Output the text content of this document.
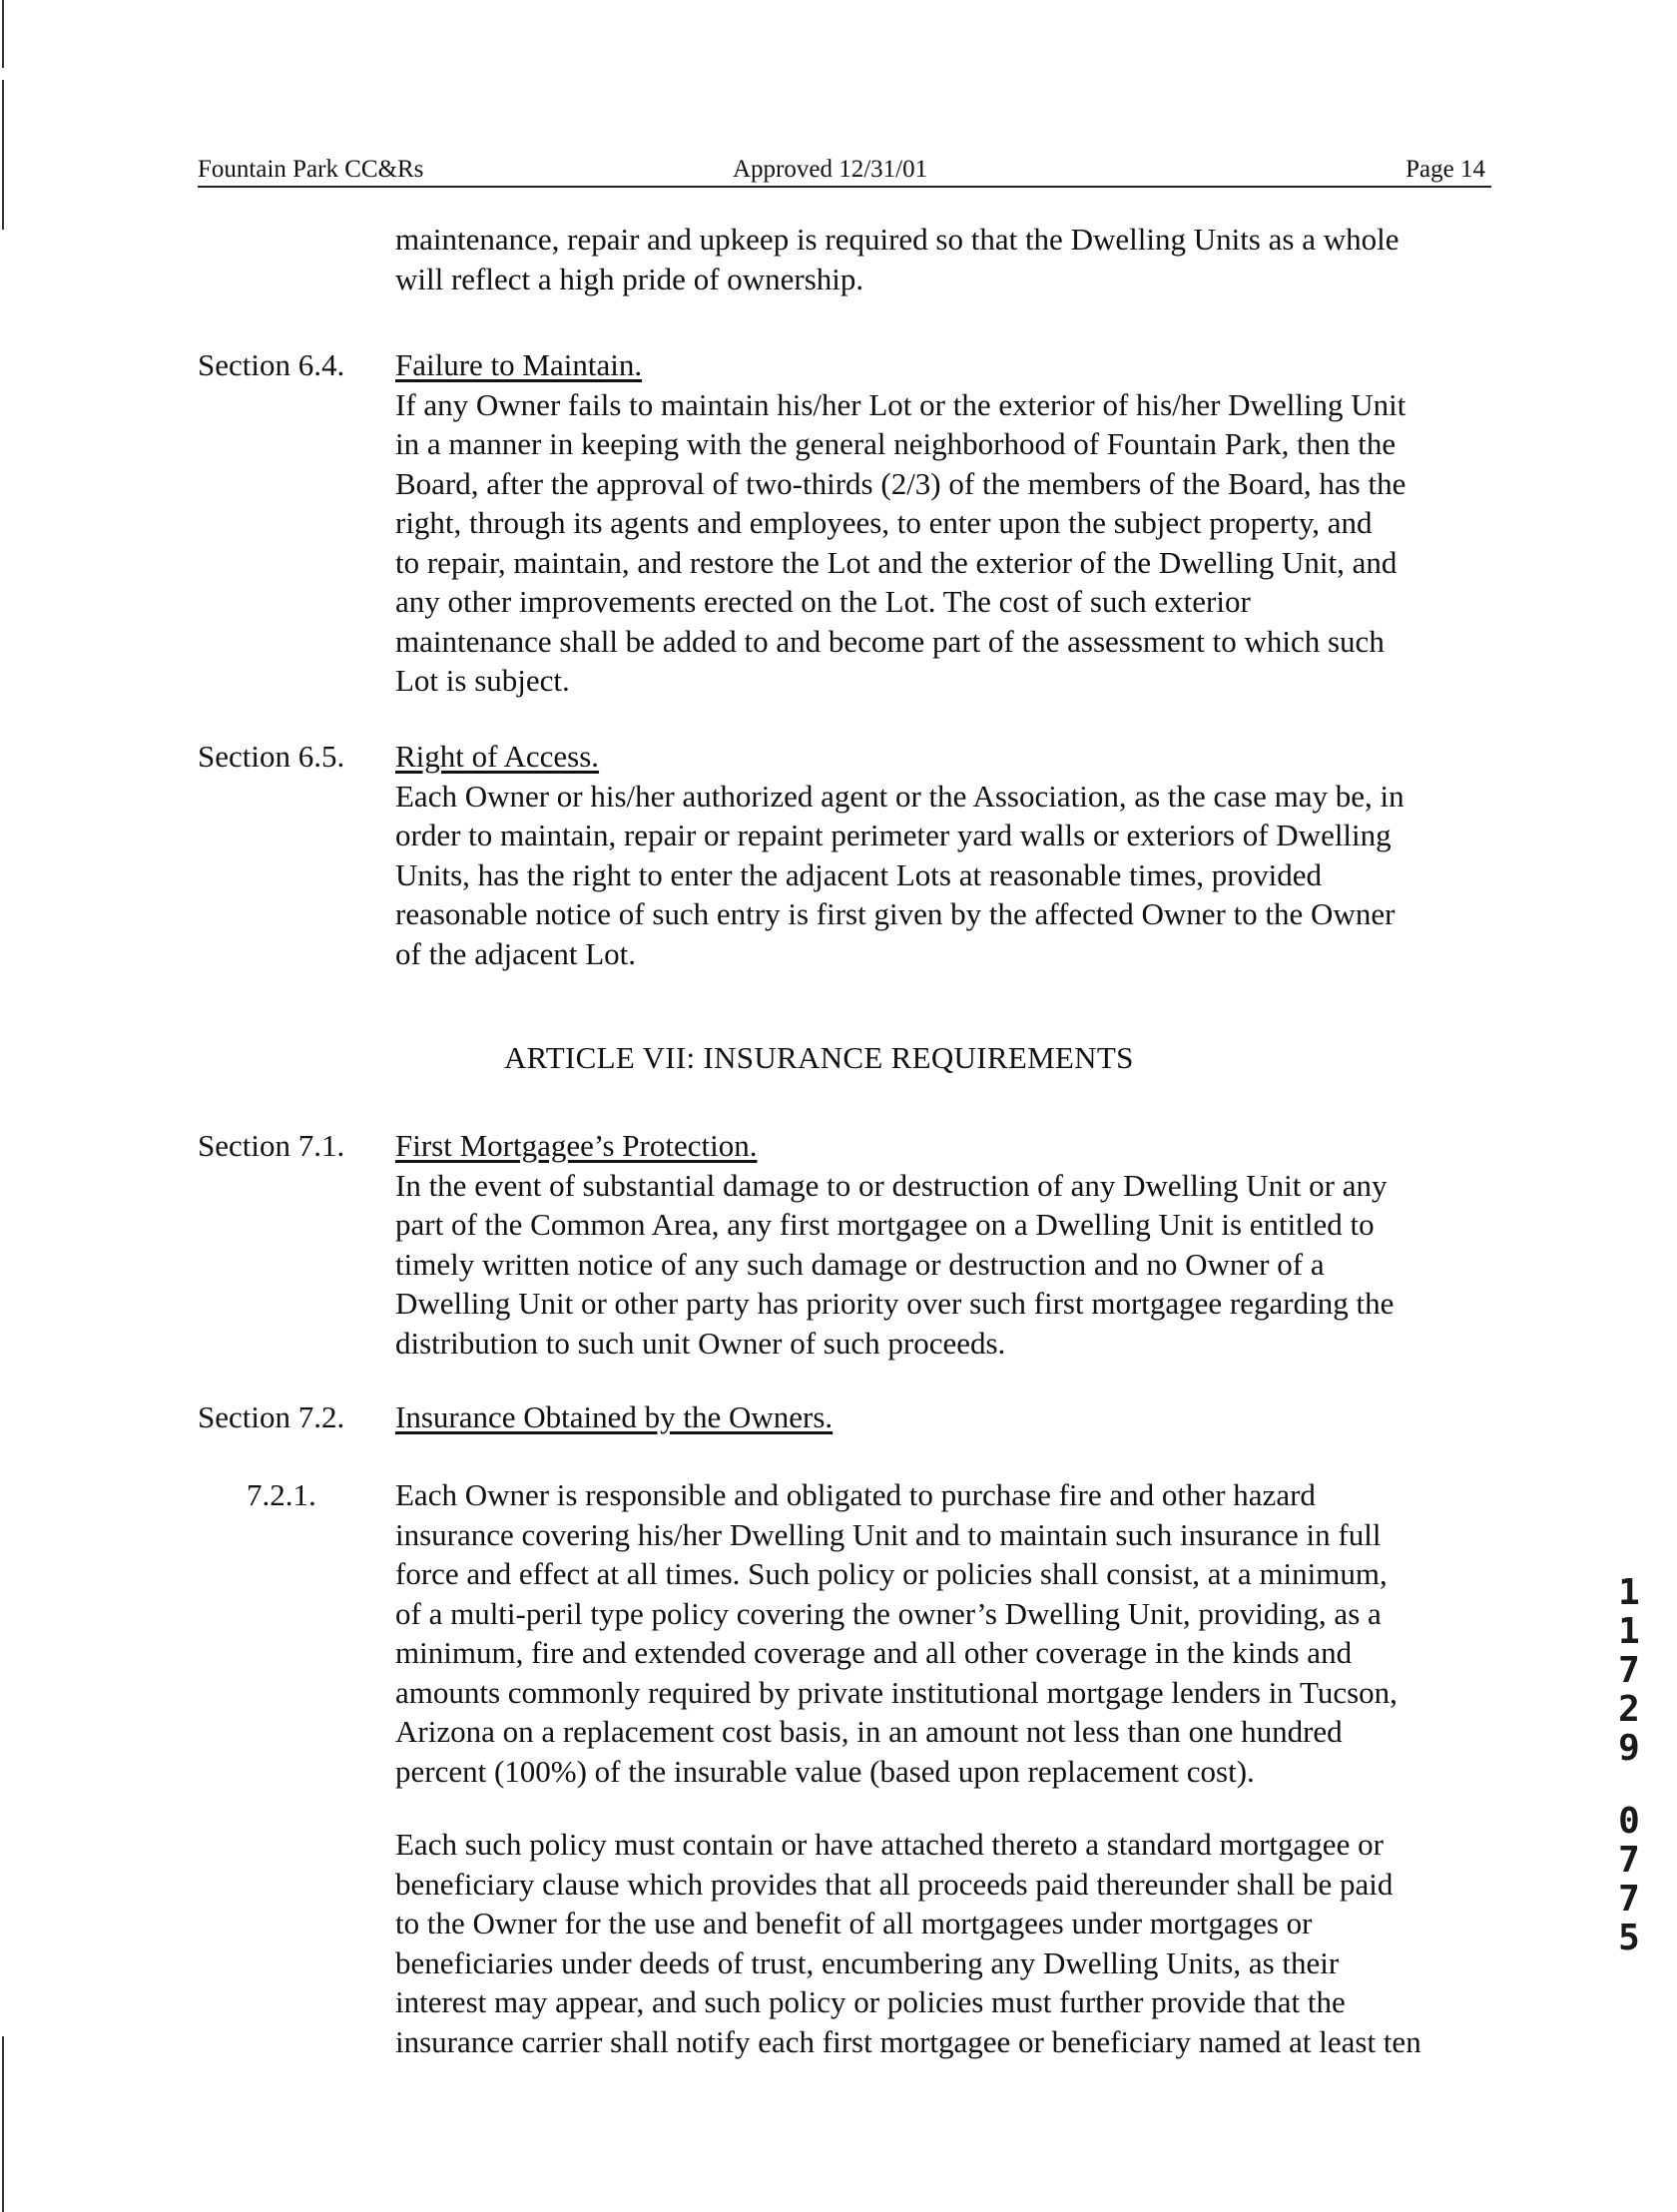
Fountain Park CC&Rs	Approved 12/31/01	Page 14
maintenance, repair and upkeep is required so that the Dwelling Units as a whole
will reflect a high pride of ownership.
Section 6.4. Failure to Maintain.
If any Owner fails to maintain his/her Lot or the exterior of his/her Dwelling Unit
in a manner in keeping with the general neighborhood of Fountain Park, then the
Board, after the approval of two-thirds (2/3) of the members of the Board, has the
right, through its agents and employees, to enter upon the subject property, and
to repair, maintain, and restore the Lot and the exterior of the Dwelling Unit, and
any other improvements erected on the Lot. The cost of such exterior
maintenance shall be added to and become part of the assessment to which such
Lot is subject.
Section 6.5. Right of Access.
Each Owner or his/her authorized agent or the Association, as the case may be, in
order to maintain, repair or repaint perimeter yard walls or exteriors of Dwelling
Units, has the right to enter the adjacent Lots at reasonable times, provided
reasonable notice of such entry is first given by the affected Owner to the Owner
of the adjacent Lot.
ARTICLE VII: INSURANCE REQUIREMENTS
Section 7.1. First Mortgagee’s Protection.
In the event of substantial damage to or destruction of any Dwelling Unit or any
part of the Common Area, any first mortgagee on a Dwelling Unit is entitled to
timely written notice of any such damage or destruction and no Owner of a
Dwelling Unit or other party has priority over such first mortgagee regarding the
distribution to such unit Owner of such proceeds.
Section 7.2. Insurance Obtained by the Owners.
7.2.1.	Each Owner is responsible and obligated to purchase fire and other hazard
insurance covering his/her Dwelling Unit and to maintain such insurance in full
force and effect at all times. Such policy or policies shall consist, at a minimum,
of a multi-peril type policy covering the owner’s Dwelling Unit, providing, as a
minimum, fire and extended coverage and all other coverage in the kinds and
amounts commonly required by private institutional mortgage lenders in Tucson,
Arizona on a replacement cost basis, in an amount not less than one hundred
percent (100%) of the insurable value (based upon replacement cost).
Each such policy must contain or have attached thereto a standard mortgagee or
beneficiary clause which provides that all proceeds paid thereunder shall be paid
to the Owner for the use and benefit of all mortgagees under mortgages or
beneficiaries under deeds of trust, encumbering any Dwelling Units, as their
interest may appear, and such policy or policies must further provide that the
insurance carrier shall notify each first mortgagee or beneficiary named at least ten
1
1
7
2
9
0
7
7
5
